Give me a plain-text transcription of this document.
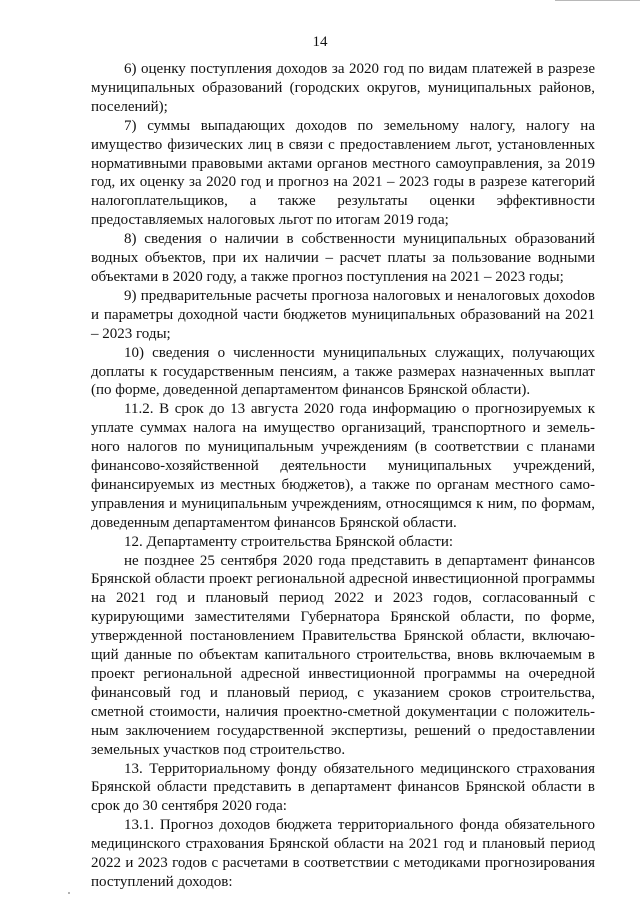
14

6) оценку поступления доходов за 2020 год по видам платежей в разрезе муниципальных образований (городских округов, муниципальных районов, поселений);

7) суммы выпадающих доходов по земельному налогу, налогу на имущество физических лиц в связи с предоставлением льгот, установленных нормативными правовыми актами органов местного самоуправления, за 2019 год, их оценку за 2020 год и прогноз на 2021 – 2023 годы в разрезе категорий налогоплательщиков, а также результаты оценки эффективности предоставляемых налоговых льгот по итогам 2019 года;

8) сведения о наличии в собственности муниципальных образований водных объектов, при их наличии – расчет платы за пользование водными объектами в 2020 году, а также прогноз поступления на 2021 – 2023 годы;

9) предварительные расчеты прогноза налоговых и неналоговых дохоdов и параметры доходной части бюджетов муниципальных образований на 2021 – 2023 годы;

10) сведения о численности муниципальных служащих, получающих доплаты к государственным пенсиям, а также размерах назначенных выплат (по форме, доведенной департаментом финансов Брянской области).

11.2. В срок до 13 августа 2020 года информацию о прогнозируемых к уплате суммах налога на имущество организаций, транспортного и земельного налогов по муниципальным учреждениям (в соответствии с планами финансово-хозяйственной деятельности муниципальных учреждений, финансируемых из местных бюджетов), а также по органам местного самоуправления и муниципальным учреждениям, относящимся к ним, по формам, доведенным департаментом финансов Брянской области.

12. Департаменту строительства Брянской области:

не позднее 25 сентября 2020 года представить в департамент финансов Брянской области проект региональной адресной инвестиционной программы на 2021 год и плановый период 2022 и 2023 годов, согласованный с курирующими заместителями Губернатора Брянской области, по форме, утвержденной постановлением Правительства Брянской области, включающий данные по объектам капитального строительства, вновь включаемым в проект региональной адресной инвестиционной программы на очередной финансовый год и плановый период, с указанием сроков строительства, сметной стоимости, наличия проектно-сметной документации с положительным заключением государственной экспертизы, решений о предоставлении земельных участков под строительство.

13. Территориальному фонду обязательного медицинского страхования Брянской области представить в департамент финансов Брянской области в срок до 30 сентября 2020 года:

13.1. Прогноз доходов бюджета территориального фонда обязательного медицинского страхования Брянской области на 2021 год и плановый период 2022 и 2023 годов с расчетами в соответствии с методиками прогнозирования поступлений доходов:
